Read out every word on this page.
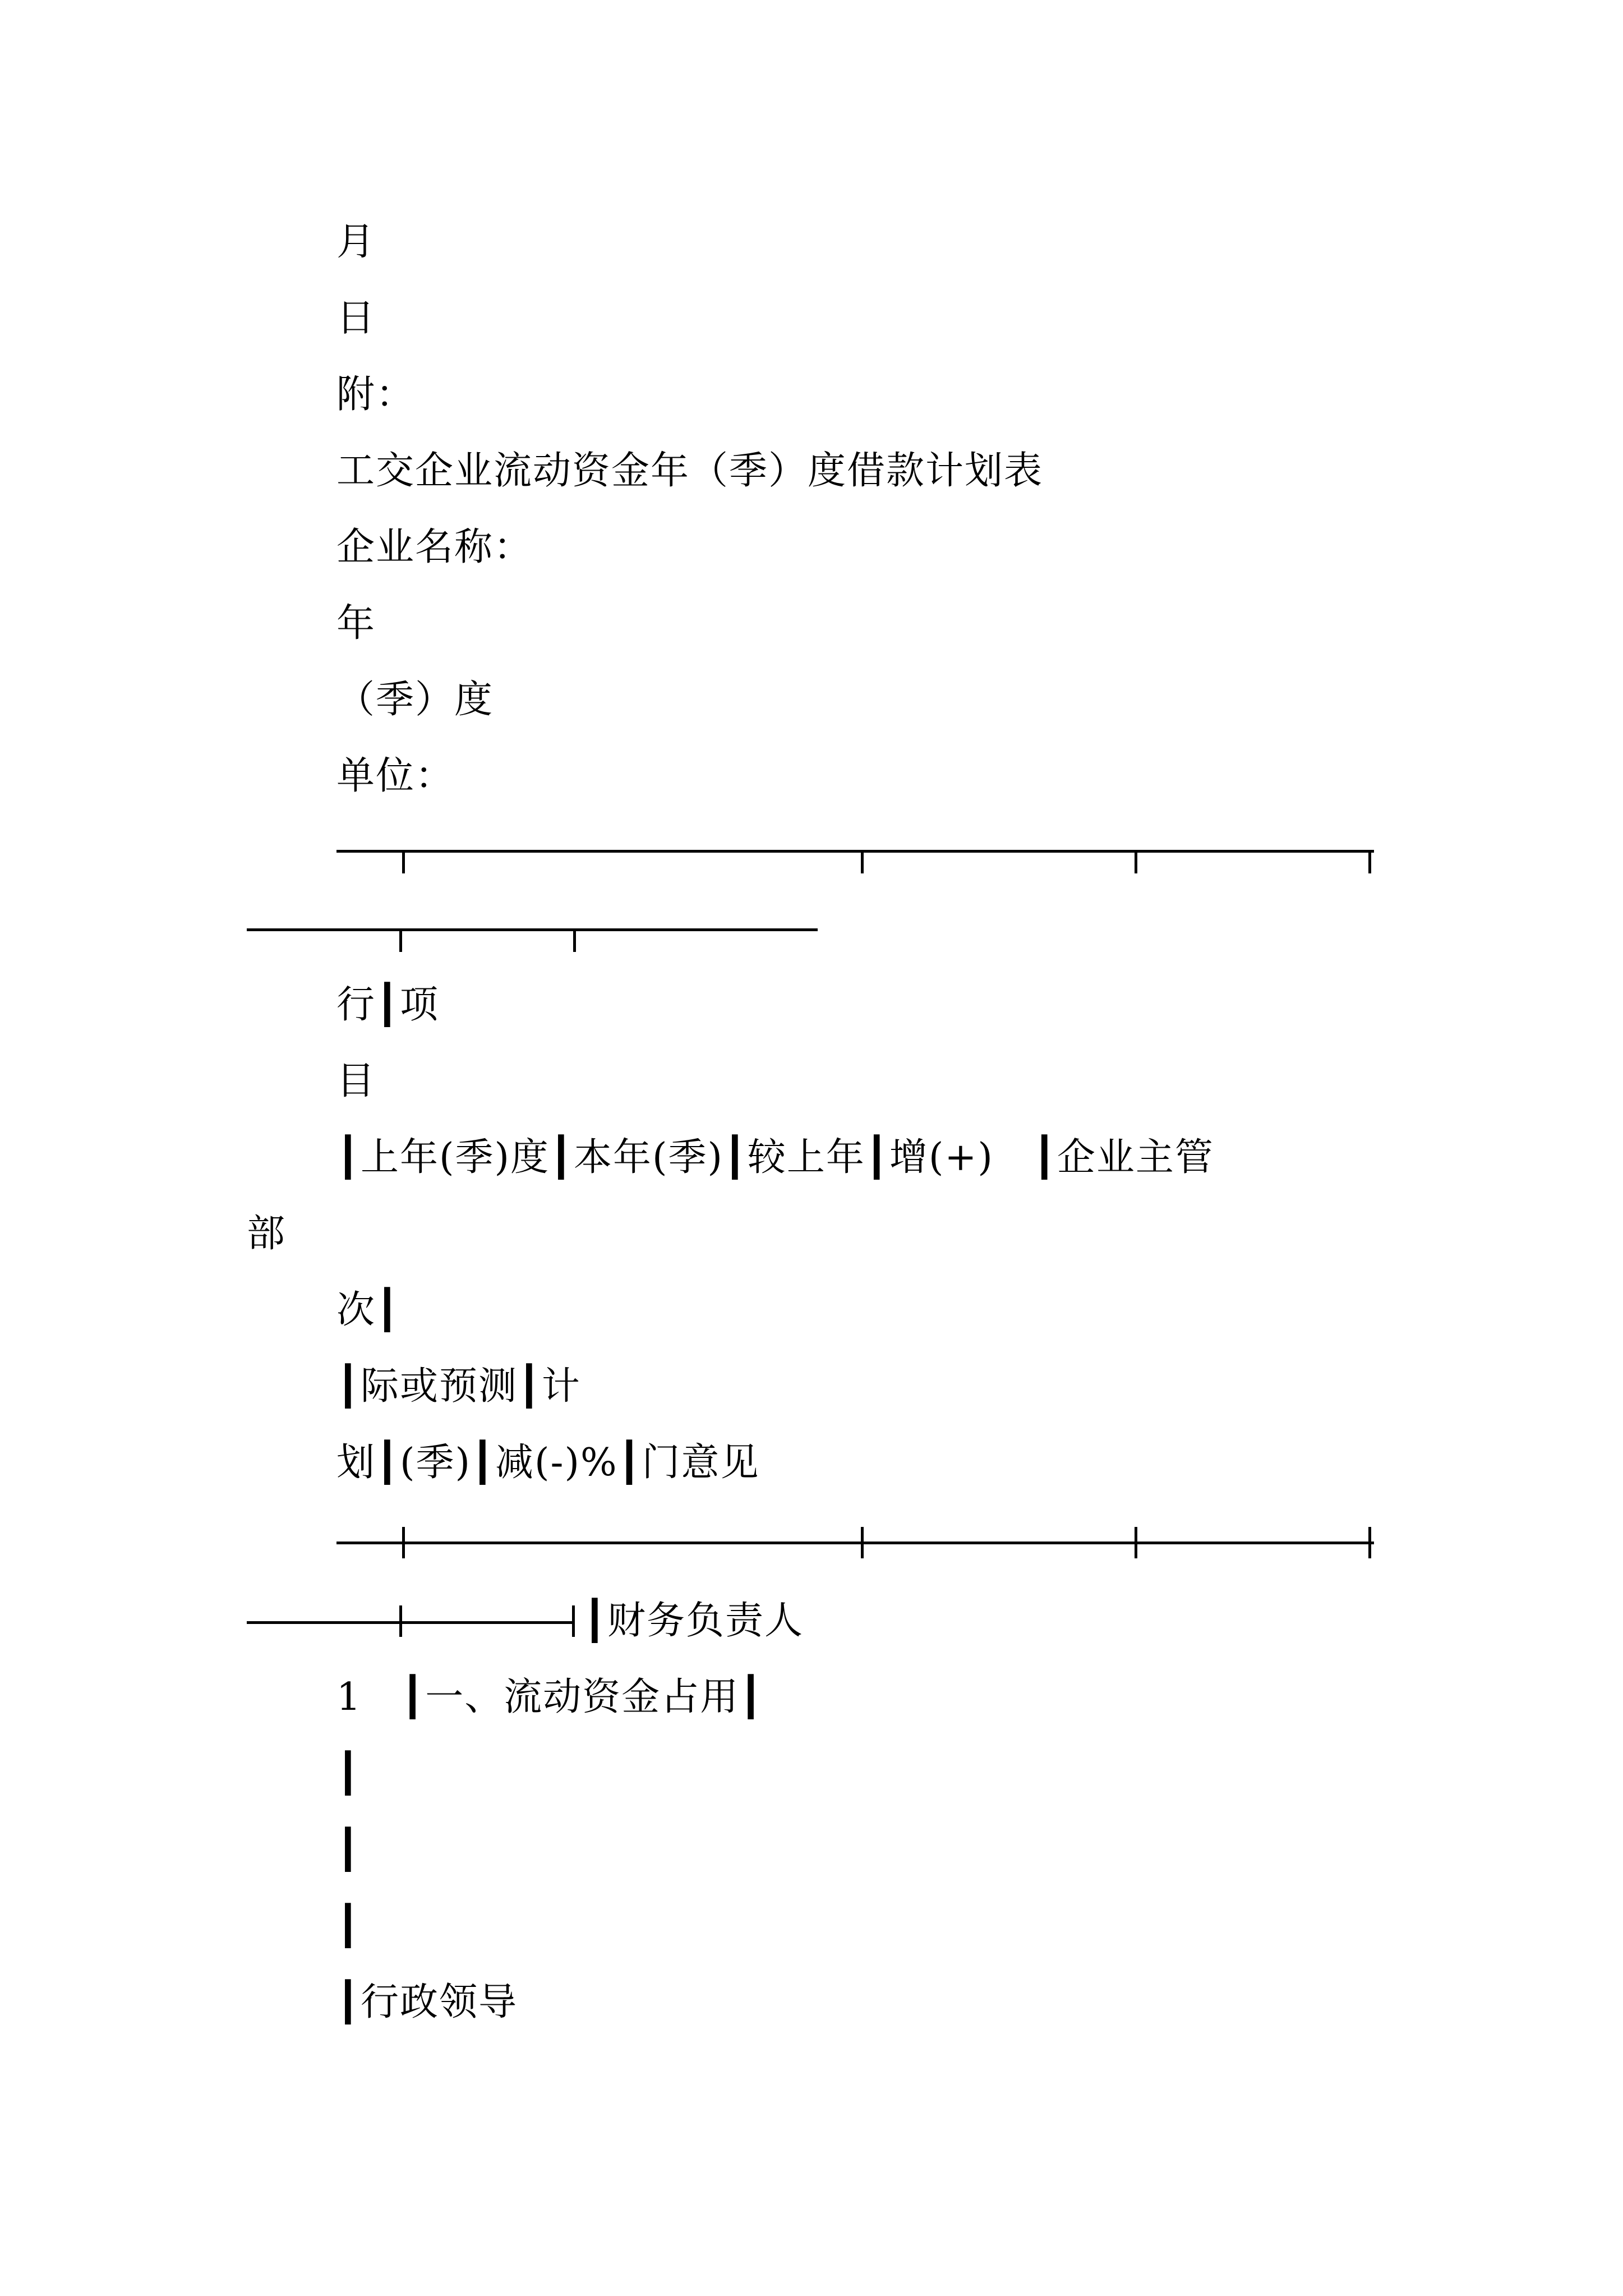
月
日
附：
工交企业流动资金年（季）度借款计划表
企业名称：
年
（季）度
单位：
行┃项
目
┃上年(季)度┃本年(季)┃较上年┃增(+)　┃企业主管
部
次┃
┃际或预测┃计
划┃(季)┃减(-)%┃门意见
┃财务负责人
1　┃一、流动资金占用┃
┃
┃
┃
┃行政领导
